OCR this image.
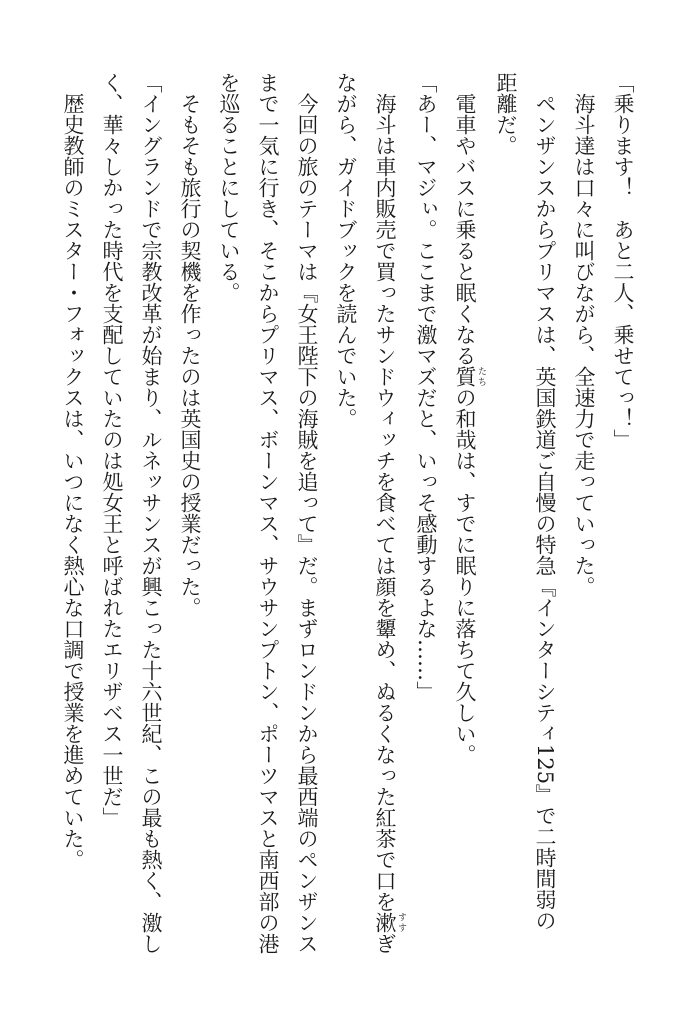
「乗ります！　あと二人、乗せてっ！」
　海斗達は口々に叫びながら、全速力で走っていった。
　ペンザンスからプリマスは、英国鉄道ご自慢の特急『インターシティ125』で二時間弱の
距離だ。
　電車やバスに乗ると眠くなる質 たちの和哉は、すでに眠りに落ちて久しい。
「あー、マジぃ。ここまで激マズだと、いっそ感動するよな……」
　海斗は車内販売で買ったサンドウィッチを食べては顔を顰め、ぬるくなった紅茶で口を漱 すすぎ
ながら、ガイドブックを読んでいた。
　今回の旅のテーマは『女王陛下の海賊を追って』だ。まずロンドンから最西端のペンザンス
まで一気に行き、そこからプリマス、ボーンマス、サウサンプトン、ポーツマスと南西部の港
を巡ることにしている。
　そもそも旅行の契機を作ったのは英国史の授業だった。
「イングランドで宗教改革が始まり、ルネッサンスが興こった十六世紀、この最も熱く、激し
く、華々しかった時代を支配していたのは処女王と呼ばれたエリザベス一世だ」
　歴史教師のミスター・フォックスは、いつになく熱心な口調で授業を進めていた。
